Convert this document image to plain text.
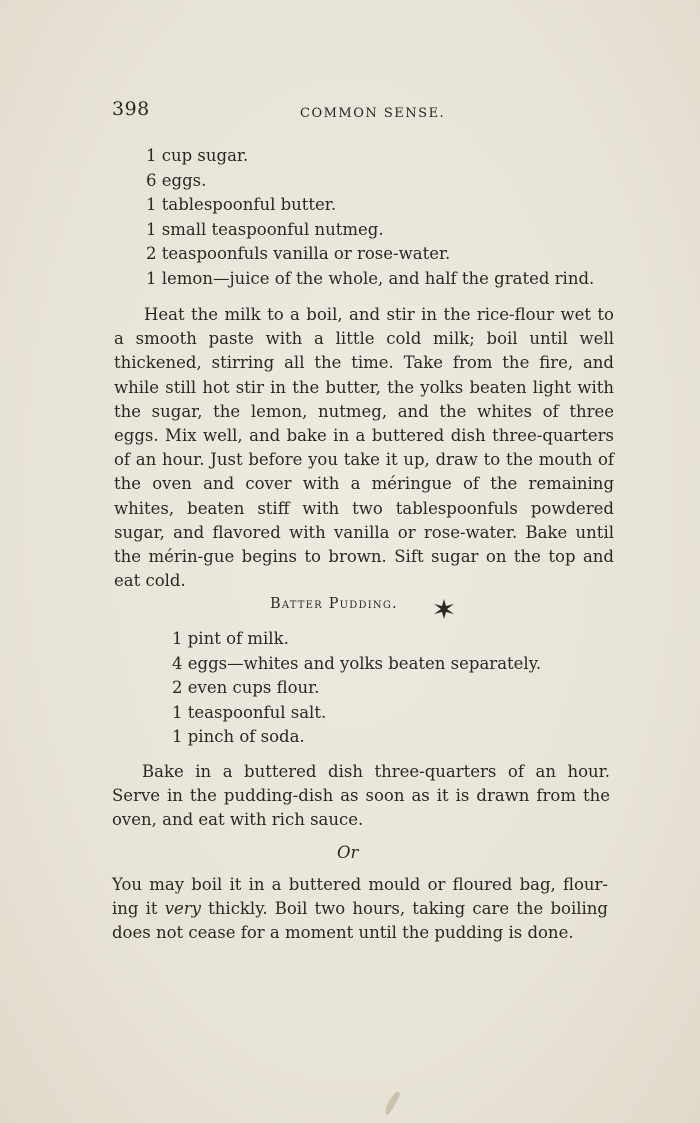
398	COMMON SENSE.
1 cup sugar.
6 eggs.
1 tablespoonful butter.
1 small teaspoonful nutmeg.
2 teaspoonfuls vanilla or rose-water.
1 lemon—juice of the whole, and half the grated rind.

Heat the milk to a boil, and stir in the rice-flour wet to a smooth paste with a little cold milk; boil until well thickened, stirring all the time. Take from the fire, and while still hot stir in the butter, the yolks beaten light with the sugar, the lemon, nutmeg, and the whites of three eggs. Mix well, and bake in a buttered dish three-quarters of an hour. Just before you take it up, draw to the mouth of the oven and cover with a méringue of the remaining whites, beaten stiff with two tablespoonfuls powdered sugar, and flavored with vanilla or rose-water. Bake until the mérin-gue begins to brown. Sift sugar on the top and eat cold.

Batter Pudding.
1 pint of milk.
4 eggs—whites and yolks beaten separately.
2 even cups flour.
1 teaspoonful salt.
1 pinch of soda.

Bake in a buttered dish three-quarters of an hour. Serve in the pudding-dish as soon as it is drawn from the oven, and eat with rich sauce.

Or

You may boil it in a buttered mould or floured bag, flour-ing it very thickly. Boil two hours, taking care the boiling does not cease for a moment until the pudding is done.
